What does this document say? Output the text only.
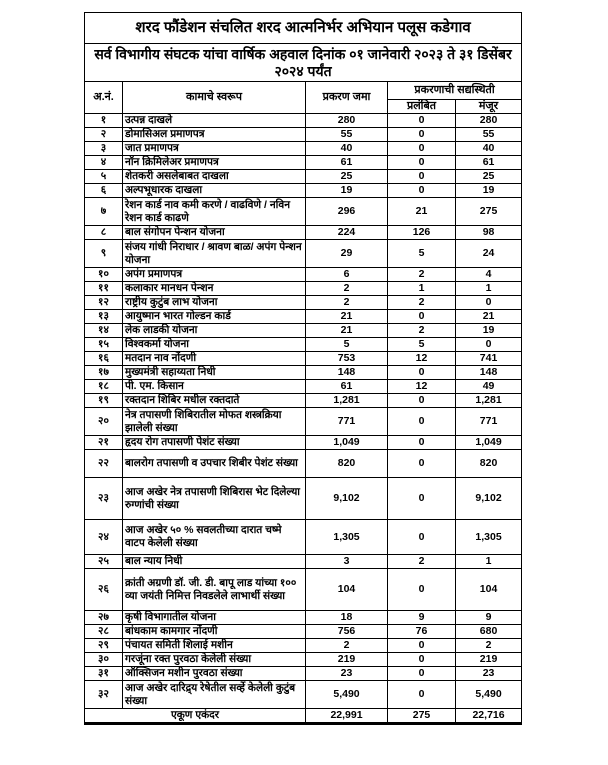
शरद फौंडेशन संचलित शरद आत्मनिर्भर अभियान पलूस कडेगाव				
सर्व विभागीय संघटक यांचा वार्षिक अहवाल दिनांक ०१ जानेवारी २०२३ ते ३१ डिसेंबर २०२४ पर्यंत				
अ.नं.	कामाचे स्वरूप	प्रकरण जमा	प्रकरणाची सद्यस्थिती	
			प्रलंबित	मंजूर
१	उत्पन्न दाखले	280	0	280
२	डोमासिअल प्रमाणपत्र	55	0	55
३	जात प्रमाणपत्र	40	0	40
४	नॉन क्रिमिलेअर प्रमाणपत्र	61	0	61
५	शेतकरी असलेबाबत दाखला	25	0	25
६	अल्पभूधारक दाखला	19	0	19
७	रेशन कार्ड नाव कमी करणे / वाढविणे / नविन रेशन कार्ड काढणे	296	21	275
८	बाल संगोपन पेन्शन योजना	224	126	98
९	संजय गांधी निराधार / श्रावण बाळ/ अपंग पेन्शन योजना	29	5	24
१०	अपंग प्रमाणपत्र	6	2	4
११	कलाकार मानधन पेन्शन	2	1	1
१२	राष्ट्रीय कुटुंब लाभ योजना	2	2	0
१३	आयुष्मान भारत गोल्डन कार्ड	21	0	21
१४	लेक लाडकी योजना	21	2	19
१५	विश्वकर्मा योजना	5	5	0
१६	मतदान नाव नोंदणी	753	12	741
१७	मुख्यमंत्री सहाय्यता निधी	148	0	148
१८	पी. एम. किसान	61	12	49
१९	रक्तदान शिबिर मधील रक्तदाते	1,281	0	1,281
२०	नेत्र तपासणी शिबिरातील मोफत शस्त्रक्रिया झालेली संख्या	771	0	771
२१	हृदय रोग तपासणी पेशंट संख्या	1,049	0	1,049
२२	बालरोग तपासणी व उपचार शिबीर पेशंट संख्या	820	0	820
२३	आज अखेर नेत्र तपासणी शिबिरास भेट दिलेल्या रुग्णांची संख्या	9,102	0	9,102
२४	आज अखेर ५० % सवलतीच्या दारात चष्मे वाटप केलेली संख्या	1,305	0	1,305
२५	बाल न्याय निधी	3	2	1
२६	क्रांती अग्रणी डॉ. जी. डी. बापू लाड यांच्या १०० व्या जयंती निमित्त निवडलेले लाभार्थी संख्या	104	0	104
२७	कृषी विभागातील योजना	18	9	9
२८	बांधकाम कामगार नोंदणी	756	76	680
२९	पंचायत समिती शिलाई मशीन	2	0	2
३०	गरजूंना रक्त पुरवठा केलेली संख्या	219	0	219
३१	ऑक्सिजन मशीन पुरवठा संख्या	23	0	23
३२	आज अखेर दारिद्र्य रेषेतील सर्व्हे केलेली कुटुंब संख्या	5,490	0	5,490
एकूण एकंदर		22,991	275	22,716
